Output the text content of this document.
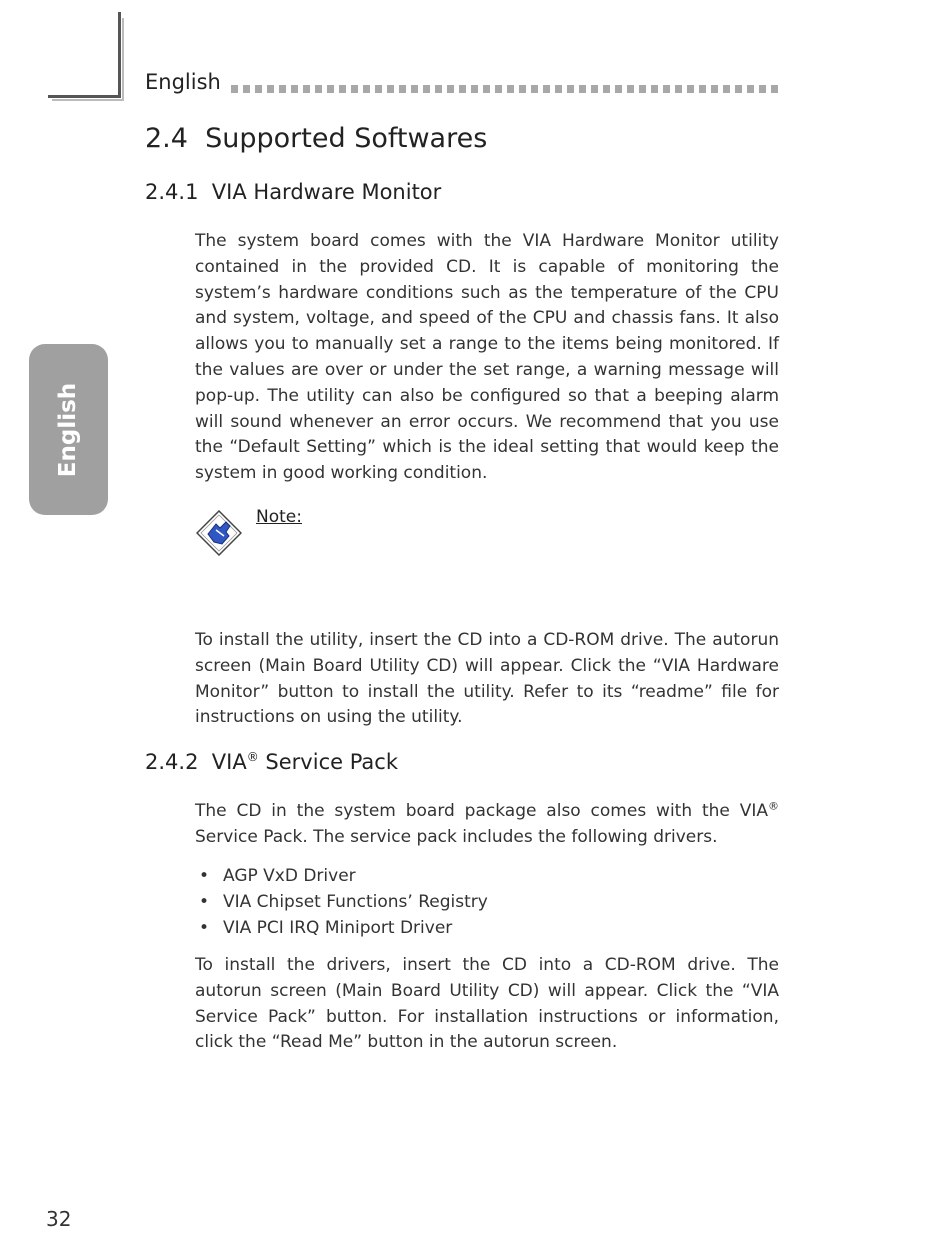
English
English
2.4 Supported Softwares
2.4.1 VIA Hardware Monitor
The system board comes with the VIA Hardware Monitor utility contained in the provided CD. It is capable of monitoring the system’s hardware conditions such as the temperature of the CPU and system, voltage, and speed of the CPU and chassis fans. It also allows you to manually set a range to the items being monitored. If the values are over or under the set range, a warning message will pop-up. The utility can also be configured so that a beeping alarm will sound whenever an error occurs. We recommend that you use the “Default Setting” which is the ideal setting that would keep the system in good working condition.
Note:
To install the utility, insert the CD into a CD-ROM drive. The autorun screen (Main Board Utility CD) will appear. Click the “VIA Hardware Monitor” button to install the utility. Refer to its “readme” file for instructions on using the utility.
2.4.2 VIA® Service Pack
The CD in the system board package also comes with the VIA® Service Pack. The service pack includes the following drivers.
• AGP VxD Driver
• VIA Chipset Functions’ Registry
• VIA PCI IRQ Miniport Driver
To install the drivers, insert the CD into a CD-ROM drive. The autorun screen (Main Board Utility CD) will appear. Click the “VIA Service Pack” button. For installation instructions or information, click the “Read Me” button in the autorun screen.
32
